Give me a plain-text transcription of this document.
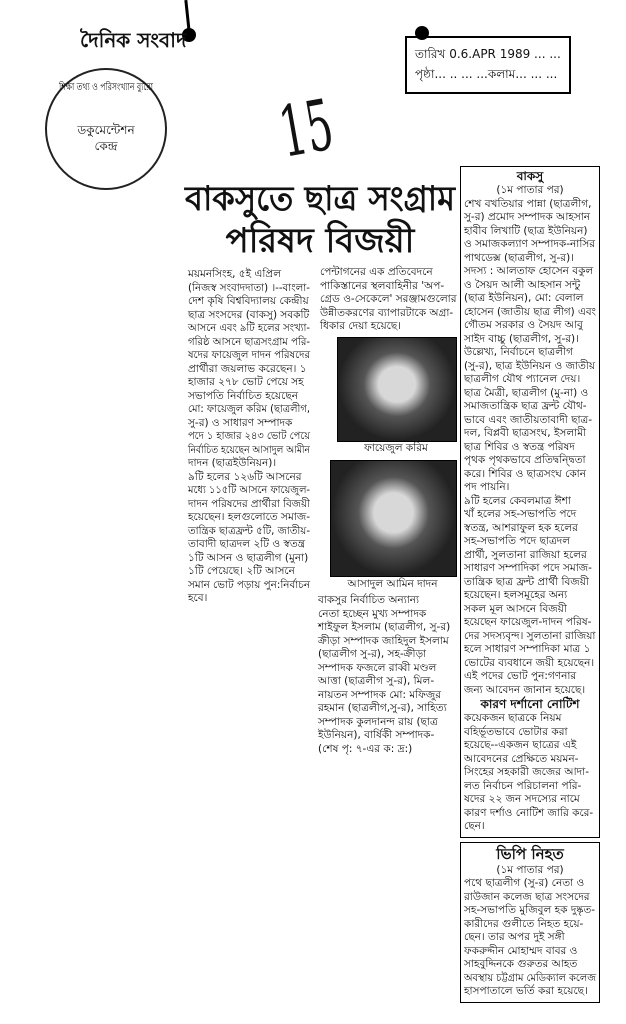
দৈনিক সংবাদ
তারিখ 0.6.APR 1989 ... ...
পৃষ্ঠা... .. ... ...কলাম... ... ...
শিক্ষা তথ্য ও পরিসংখ্যান ব্যুরো
ডকুমেন্টেশন
কেন্দ্র	15
বাকসুতে ছাত্র সংগ্রাম
পরিষদ বিজয়ী
ময়মনসিংহ, ৫ই এপ্রিল
(নিজস্ব সংবাদদাতা) ।--বাংলা-
দেশ কৃষি বিশ্ববিদ্যালয় কেন্দ্রীয়
ছাত্র সংসদের (বাকসু) সবকটি
আসনে এবং ৯টি হলের সংখ্যা-
গরিষ্ঠ আসনে ছাত্রসংগ্রাম পরি-
ষদের ফায়েজুল দাদন পরিষদের
প্রার্থীরা জয়লাভ করেছেন। ১
হাজার ২৭৮ ভোট পেয়ে সহ
সভাপতি নির্বাচিত হয়েছেন
মো: ফায়েজুল করিম (ছাত্রলীগ,
সু-র) ও সাধারণ সম্পাদক
পদে ১ হাজার ২৪৩ ভোট পেয়ে
নির্বাচিত হয়েছেন আসাদুল আমীন
দাদন (ছাত্রইউনিয়ন)।
৯টি হলের ১২৬টি আসনের
মধ্যে ১১৫টি আসনে ফায়েজুল-
দাদন পরিষদের প্রার্থীরা বিজয়ী
হয়েছেন। হলগুলোতে সমাজ-
তান্ত্রিক ছাত্রফ্রন্ট ৫টি, জাতীয়-
তাবাদী ছাত্রদল ২টি ও স্বতন্ত্র
১টি আসন ও ছাত্রলীগ (মুনা)
১টি পেয়েছে। ২টি আসনে
সমান ভোট পড়ায় পুন:নির্বাচন
হবে।
পেন্টাগনের এক প্রতিবেদনে
পাকিস্তানের স্থলবাহিনীর 'অপ-
গ্রেড ও-সেকেলে' সরঞ্জামগুলোর
উন্নীতকরণের ব্যাপারটাকে অগ্রা-
ধিকার দেয়া হয়েছে।
ফায়েজুল করিম
আসাদুল আমিন দাদন
বাকসুর নির্বাচিত অন্যান্য
নেতা হচ্ছেন মুখ্য সম্পাদক
শাইফুল ইসলাম (ছাত্রলীগ, সু-র)
ক্রীড়া সম্পাদক জাহিদুল ইসলাম
(ছাত্রলীগ সু-র), সহ-ক্রীড়া
সম্পাদক ফজলে রাব্বী মণ্ডল
আত্তা (ছাত্রলীগ সু-র), মিল-
নায়তন সম্পাদক মো: মফিজুর
রহমান (ছাত্রলীগ,সু-র), সাহিত্য
সম্পাদক কুলদানন্দ রায় (ছাত্র
ইউনিয়ন), বার্ষিকী সম্পাদক-
(শেষ পৃ: ৭-এর ক: দ্র:)
বাকসু
(১ম পাতার পর)
শেখ বখতিয়ার পান্না (ছাত্রলীগ,
সু-র) প্রমোদ সম্পাদক আহসান
হাবীব লিখাটি (ছাত্র ইউনিয়ন)
ও সমাজকল্যাণ সম্পাদক-নাসির
পাথডেক্স (ছাত্রলীগ, সু-র)।
সদস্য : আলতাফ হোসেন বকুল
ও সৈয়দ আলী আহসান সন্টু
(ছাত্র ইউনিয়ন), মো: বেলাল
হোসেন (জাতীয় ছাত্র লীগ) এবং
গৌতম সরকার ও সৈয়দ আবু
সাইদ বাচ্চু (ছাত্রলীগ, সু-র)।
উল্লেখ্য, নির্বাচনে ছাত্রলীগ
(সু-র), ছাত্র ইউনিয়ন ও জাতীয়
ছাত্রলীগ যৌথ প্যানেল দেয়।
ছাত্র মৈত্রী, ছাত্রলীগ (মু-না) ও
সমাজতান্ত্রিক ছাত্র ফ্রন্ট যৌথ-
ভাবে এবং জাতীয়তাবাদী ছাত্র-
দল, বিপ্লবী ছাত্রসংঘ, ইসলামী
ছাত্র শিবির ও স্বতন্ত্র পরিষদ
পৃথক পৃথকভাবে প্রতিদ্বন্দ্বিতা
করে। শিবির ও ছাত্রসংঘ কোন
পদ পায়নি।
৯টি হলের কেবলমাত্র ঈশা
খাঁ হলের সহ-সভাপতি পদে
স্বতন্ত্র, আশরাফুল হক হলের
সহ-সভাপতি পদে ছাত্রদল
প্রার্থী, সুলতানা রাজিয়া হলের
সাধারণ সম্পাদিকা পদে সমাজ-
তান্ত্রিক ছাত্র ফ্রন্ট প্রার্থী বিজয়ী
হয়েছেন। হলসমূহের অন্য
সকল মূল আসনে বিজয়ী
হয়েছেন ফায়েজুল-দাদন পরিষ-
দের সদস্যবৃন্দ। সুলতানা রাজিয়া
হলে সাধারণ সম্পাদিকা মাত্র ১
ভোটের ব্যবধানে জয়ী হয়েছেন।
এই পদের ভোট পুন:গণনার
জন্য আবেদন জানান হয়েছে।
কারণ দর্শানো নোটিশ
কয়েকজন ছাত্রকে নিয়ম
বহির্ভূতভাবে ভোটার করা
হয়েছে--একজন ছাত্রের এই
আবেদনের প্রেক্ষিতে ময়মন-
সিংহের সহকারী জজের আদা-
লত নির্বাচন পরিচালনা পরি-
ষদের ২২ জন সদস্যের নামে
কারণ দর্শাও নোটিশ জারি করে-
ছেন।
ভিপি নিহত
(১ম পাতার পর)
পথে ছাত্রলীগ (সু-র) নেতা ও
রাউজান কলেজ ছাত্র সংসদের
সহ-সভাপতি মুজিবুল হক দুষ্কৃত-
কারীদের গুলীতে নিহত হয়ে-
ছেন। তার অপর দুই সঙ্গী
ফকরুদ্দীন মোহাম্মদ বাবর ও
সাহবুদ্দিনকে গুরুতর আহত
অবস্থায় চট্টগ্রাম মেডিক্যাল কলেজ
হাসপাতালে ভর্তি করা হয়েছে।
